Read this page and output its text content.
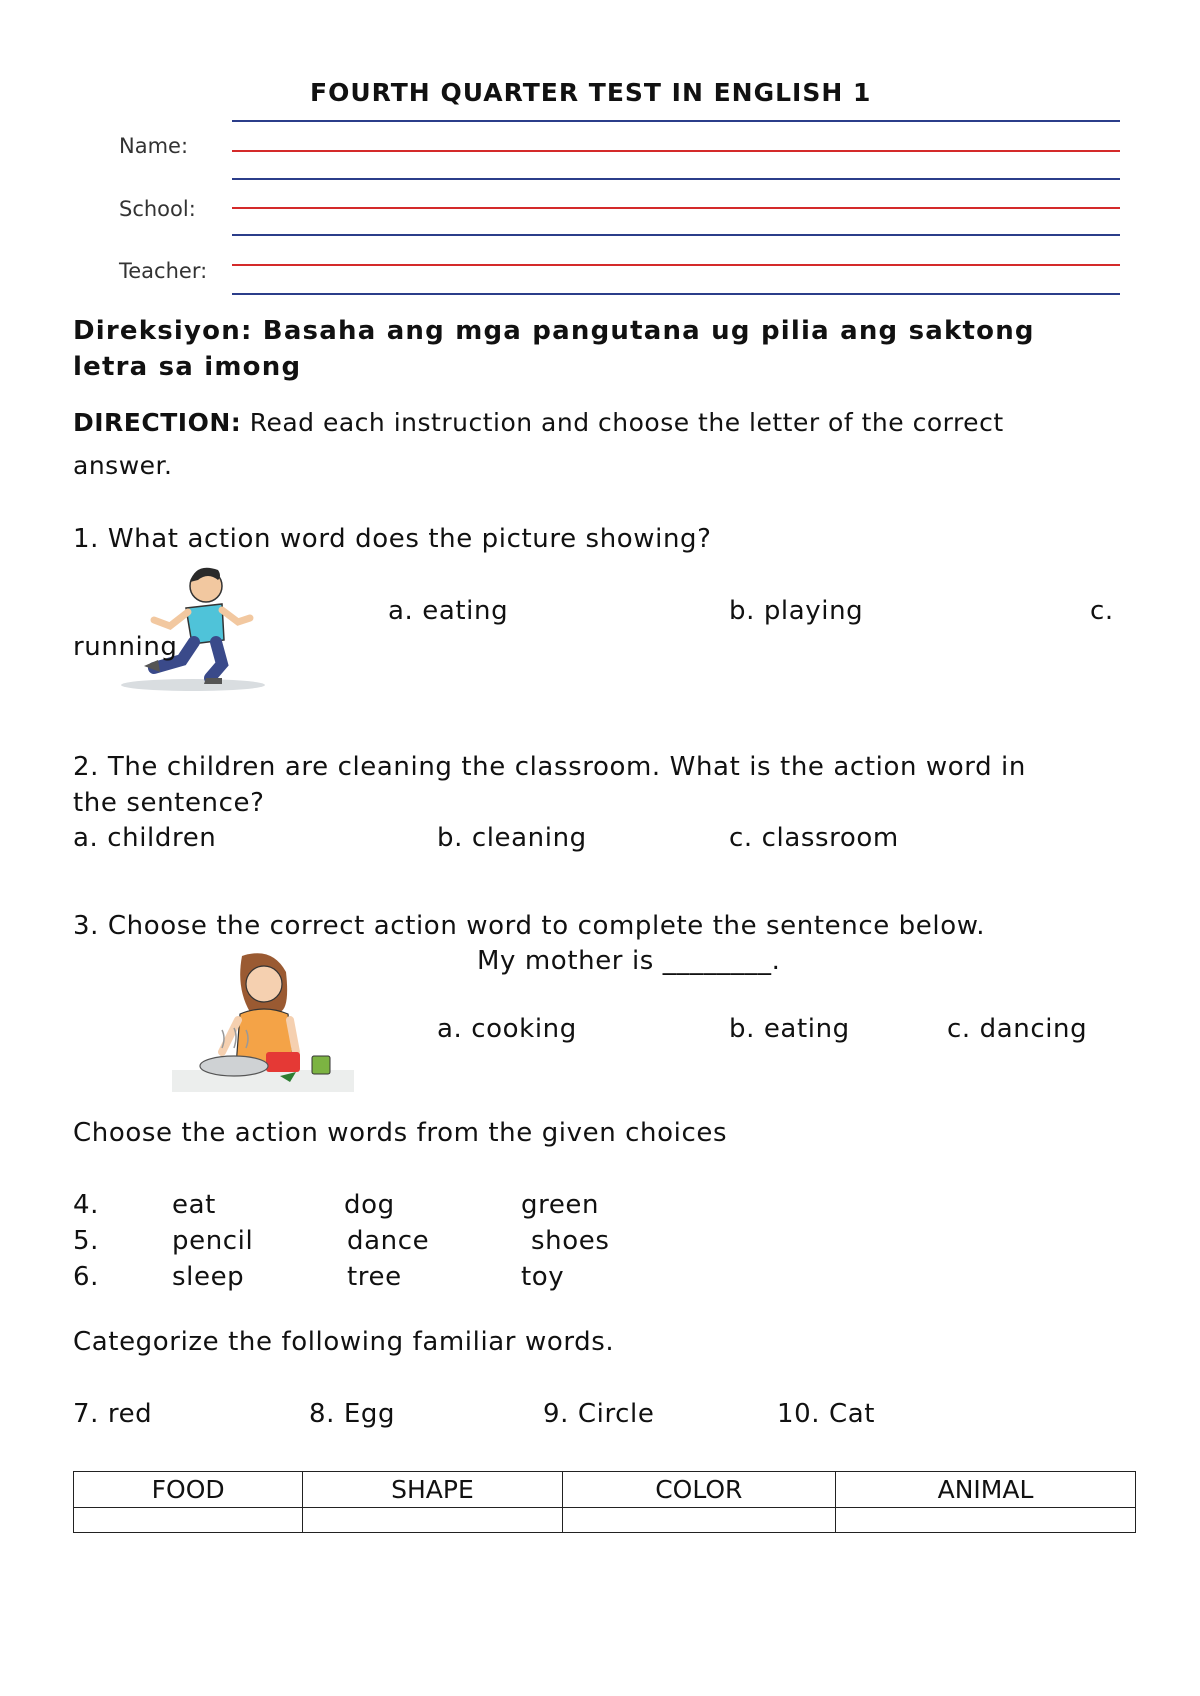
FOURTH QUARTER TEST IN ENGLISH 1
Name:
School:
Teacher:
Direksiyon: Basaha ang mga pangutana ug pilia ang saktong
letra sa imong
DIRECTION: Read each instruction and choose the letter of the correct
answer.
1. What action word does the picture showing?
a. eating	b. playing	c.
running
2. The children are cleaning the classroom. What is the action word in
the sentence?
a. children	b. cleaning	c. classroom
3. Choose the correct action word to complete the sentence below.
My mother is ________.
a. cooking	b. eating	c. dancing
Choose the action words from the given choices
4.	eat	dog	green
5.	pencil	dance	shoes
6.	sleep	tree	toy
Categorize the following familiar words.
7. red	8. Egg	9. Circle	10. Cat
FOOD	SHAPE	COLOR	ANIMAL
